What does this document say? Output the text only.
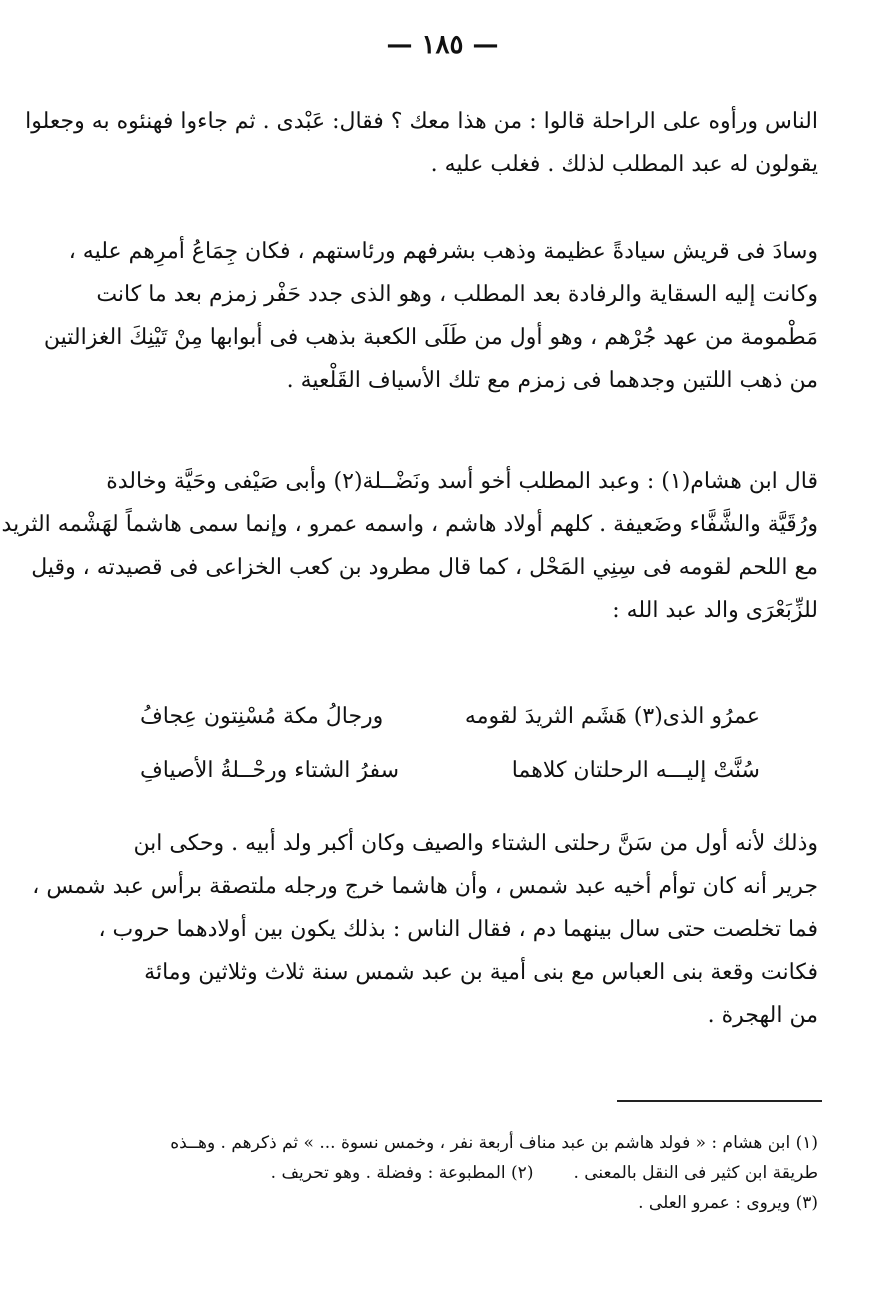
— ١٨٥ —

الناس ورأوه على الراحلة قالوا : من هذا معك ؟ فقال: عَبْدى . ثم جاءوا فهنئوه به وجعلوا
يقولون له عبد المطلب لذلك . فغلب عليه .

وسادَ فى قريش سيادةً عظيمة وذهب بشرفهم ورئاستهم ، فكان جِمَاعُ أمرِهم عليه ،
وكانت إليه السقاية والرفادة بعد المطلب ، وهو الذى جدد حَفْر زمزم بعد ما كانت
مَطْمومة من عهد جُرْهم ، وهو أول من طَلَى الكعبة بذهب فى أبوابها مِنْ تَيْنِكَ الغزالتين
من ذهب اللتين وجدهما فى زمزم مع تلك الأسياف القَلْعية .

قال ابن هشام(١) : وعبد المطلب أخو أسد ونَضْــلة(٢) وأبى صَيْفى وحَيَّة وخالدة
ورُقَيَّة والشَّفَّاء وضَعيفة . كلهم أولاد هاشم ، واسمه عمرو ، وإنما سمى هاشماً لهَشْمه الثريد
مع اللحم لقومه فى سِنِي المَحْل ، كما قال مطرود بن كعب الخزاعى فى قصيدته ، وقيل
للزِّبَعْرَى والد عبد الله :

عمرُو الذى(٣) هَشَم الثريدَ لقومه
ورجالُ مكة مُسْنِتون عِجافُ
سُنَّتْ إليـــه الرحلتان كلاهما
سفرُ الشتاء ورحْــلةُ الأصيافِ

وذلك لأنه أول من سَنَّ رحلتى الشتاء والصيف وكان أكبر ولد أبيه . وحكى ابن
جرير أنه كان توأم أخيه عبد شمس ، وأن هاشما خرج ورجله ملتصقة برأس عبد شمس ،
فما تخلصت حتى سال بينهما دم ، فقال الناس : بذلك يكون بين أولادهما حروب ،
فكانت وقعة بنى العباس مع بنى أمية بن عبد شمس سنة ثلاث وثلاثين ومائة
من الهجرة .

(١) ابن هشام : « فولد هاشم بن عبد مناف أربعة نفر ، وخمس نسوة ... » ثم ذكرهم . وهــذه
طريقة ابن كثير فى النقل بالمعنى .(٢) المطبوعة : وفضلة . وهو تحريف .
(٣) ويروى : عمرو العلى .
